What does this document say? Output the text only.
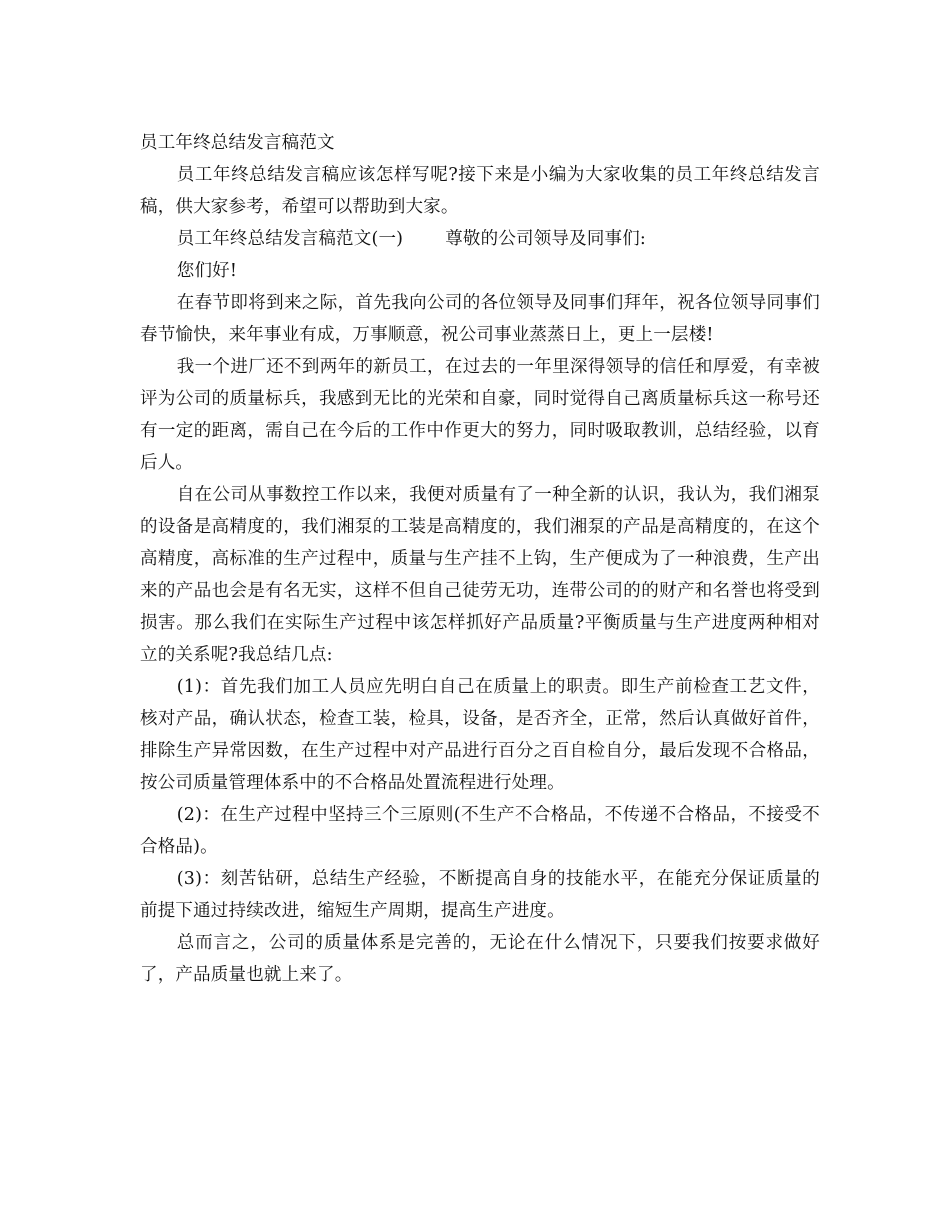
员工年终总结发言稿范文

员工年终总结发言稿应该怎样写呢?接下来是小编为大家收集的员工年终总结发言稿，供大家参考，希望可以帮助到大家。

员工年终总结发言稿范文(一) 尊敬的公司领导及同事们:

您们好!

在春节即将到来之际，首先我向公司的各位领导及同事们拜年，祝各位领导同事们春节愉快，来年事业有成，万事顺意，祝公司事业蒸蒸日上，更上一层楼!

我一个进厂还不到两年的新员工，在过去的一年里深得领导的信任和厚爱，有幸被评为公司的质量标兵，我感到无比的光荣和自豪，同时觉得自己离质量标兵这一称号还有一定的距离，需自己在今后的工作中作更大的努力，同时吸取教训，总结经验，以育后人。

自在公司从事数控工作以来，我便对质量有了一种全新的认识，我认为，我们湘泵的设备是高精度的，我们湘泵的工装是高精度的，我们湘泵的产品是高精度的，在这个高精度，高标准的生产过程中，质量与生产挂不上钩，生产便成为了一种浪费，生产出来的产品也会是有名无实，这样不但自己徒劳无功，连带公司的的财产和名誉也将受到损害。那么我们在实际生产过程中该怎样抓好产品质量?平衡质量与生产进度两种相对立的关系呢?我总结几点:

(1)：首先我们加工人员应先明白自己在质量上的职责。即生产前检查工艺文件，核对产品，确认状态，检查工装，检具，设备，是否齐全，正常，然后认真做好首件，排除生产异常因数，在生产过程中对产品进行百分之百自检自分，最后发现不合格品，按公司质量管理体系中的不合格品处置流程进行处理。

(2)：在生产过程中坚持三个三原则(不生产不合格品，不传递不合格品，不接受不合格品)。

(3)：刻苦钻研，总结生产经验，不断提高自身的技能水平，在能充分保证质量的前提下通过持续改进，缩短生产周期，提高生产进度。

总而言之，公司的质量体系是完善的，无论在什么情况下，只要我们按要求做好了，产品质量也就上来了。
